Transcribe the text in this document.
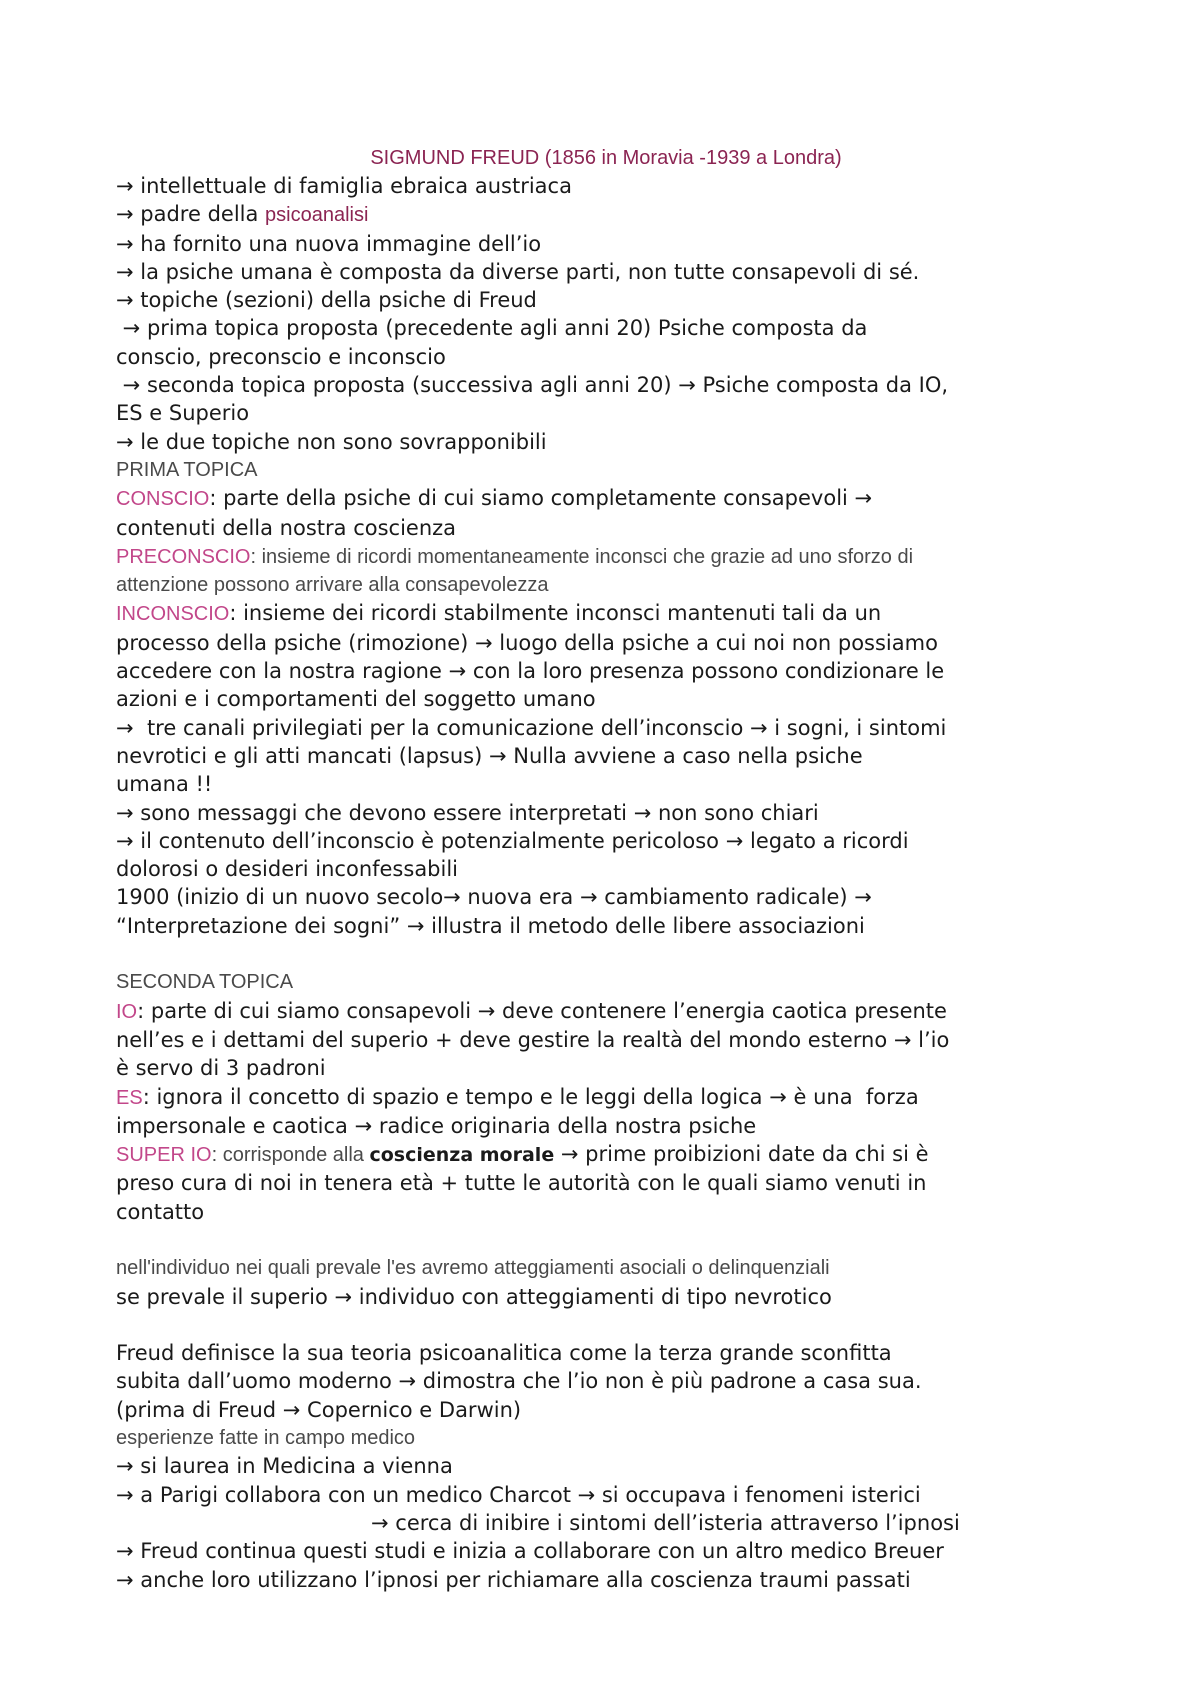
SIGMUND FREUD (1856 in Moravia -1939 a Londra)
→ intellettuale di famiglia ebraica austriaca
→ padre della psicoanalisi
→ ha fornito una nuova immagine dell’io
→ la psiche umana è composta da diverse parti, non tutte consapevoli di sé.
→ topiche (sezioni) della psiche di Freud
→ prima topica proposta (precedente agli anni 20) Psiche composta da
conscio, preconscio e inconscio
→ seconda topica proposta (successiva agli anni 20) → Psiche composta da IO,
ES e Superio
→ le due topiche non sono sovrapponibili
PRIMA TOPICA
CONSCIO: parte della psiche di cui siamo completamente consapevoli →
contenuti della nostra coscienza
PRECONSCIO: insieme di ricordi momentaneamente inconsci che grazie ad uno sforzo di
attenzione possono arrivare alla consapevolezza
INCONSCIO: insieme dei ricordi stabilmente inconsci mantenuti tali da un
processo della psiche (rimozione) → luogo della psiche a cui noi non possiamo
accedere con la nostra ragione → con la loro presenza possono condizionare le
azioni e i comportamenti del soggetto umano
→  tre canali privilegiati per la comunicazione dell’inconscio → i sogni, i sintomi
nevrotici e gli atti mancati (lapsus) → Nulla avviene a caso nella psiche
umana !!
→ sono messaggi che devono essere interpretati → non sono chiari
→ il contenuto dell’inconscio è potenzialmente pericoloso → legato a ricordi
dolorosi o desideri inconfessabili
1900 (inizio di un nuovo secolo→ nuova era → cambiamento radicale) →
“Interpretazione dei sogni” → illustra il metodo delle libere associazioni
SECONDA TOPICA
IO: parte di cui siamo consapevoli → deve contenere l’energia caotica presente
nell’es e i dettami del superio + deve gestire la realtà del mondo esterno → l’io
è servo di 3 padroni
ES: ignora il concetto di spazio e tempo e le leggi della logica → è una  forza
impersonale e caotica → radice originaria della nostra psiche
SUPER IO: corrisponde alla coscienza morale → prime proibizioni date da chi si è
preso cura di noi in tenera età + tutte le autorità con le quali siamo venuti in
contatto
nell'individuo nei quali prevale l'es avremo atteggiamenti asociali o delinquenziali
se prevale il superio → individuo con atteggiamenti di tipo nevrotico
Freud definisce la sua teoria psicoanalitica come la terza grande sconfitta
subita dall’uomo moderno → dimostra che l’io non è più padrone a casa sua.
(prima di Freud → Copernico e Darwin)
esperienze fatte in campo medico
→ si laurea in Medicina a vienna
→ a Parigi collabora con un medico Charcot → si occupava i fenomeni isterici
→ cerca di inibire i sintomi dell’isteria attraverso l’ipnosi
→ Freud continua questi studi e inizia a collaborare con un altro medico Breuer
→ anche loro utilizzano l’ipnosi per richiamare alla coscienza traumi passati
